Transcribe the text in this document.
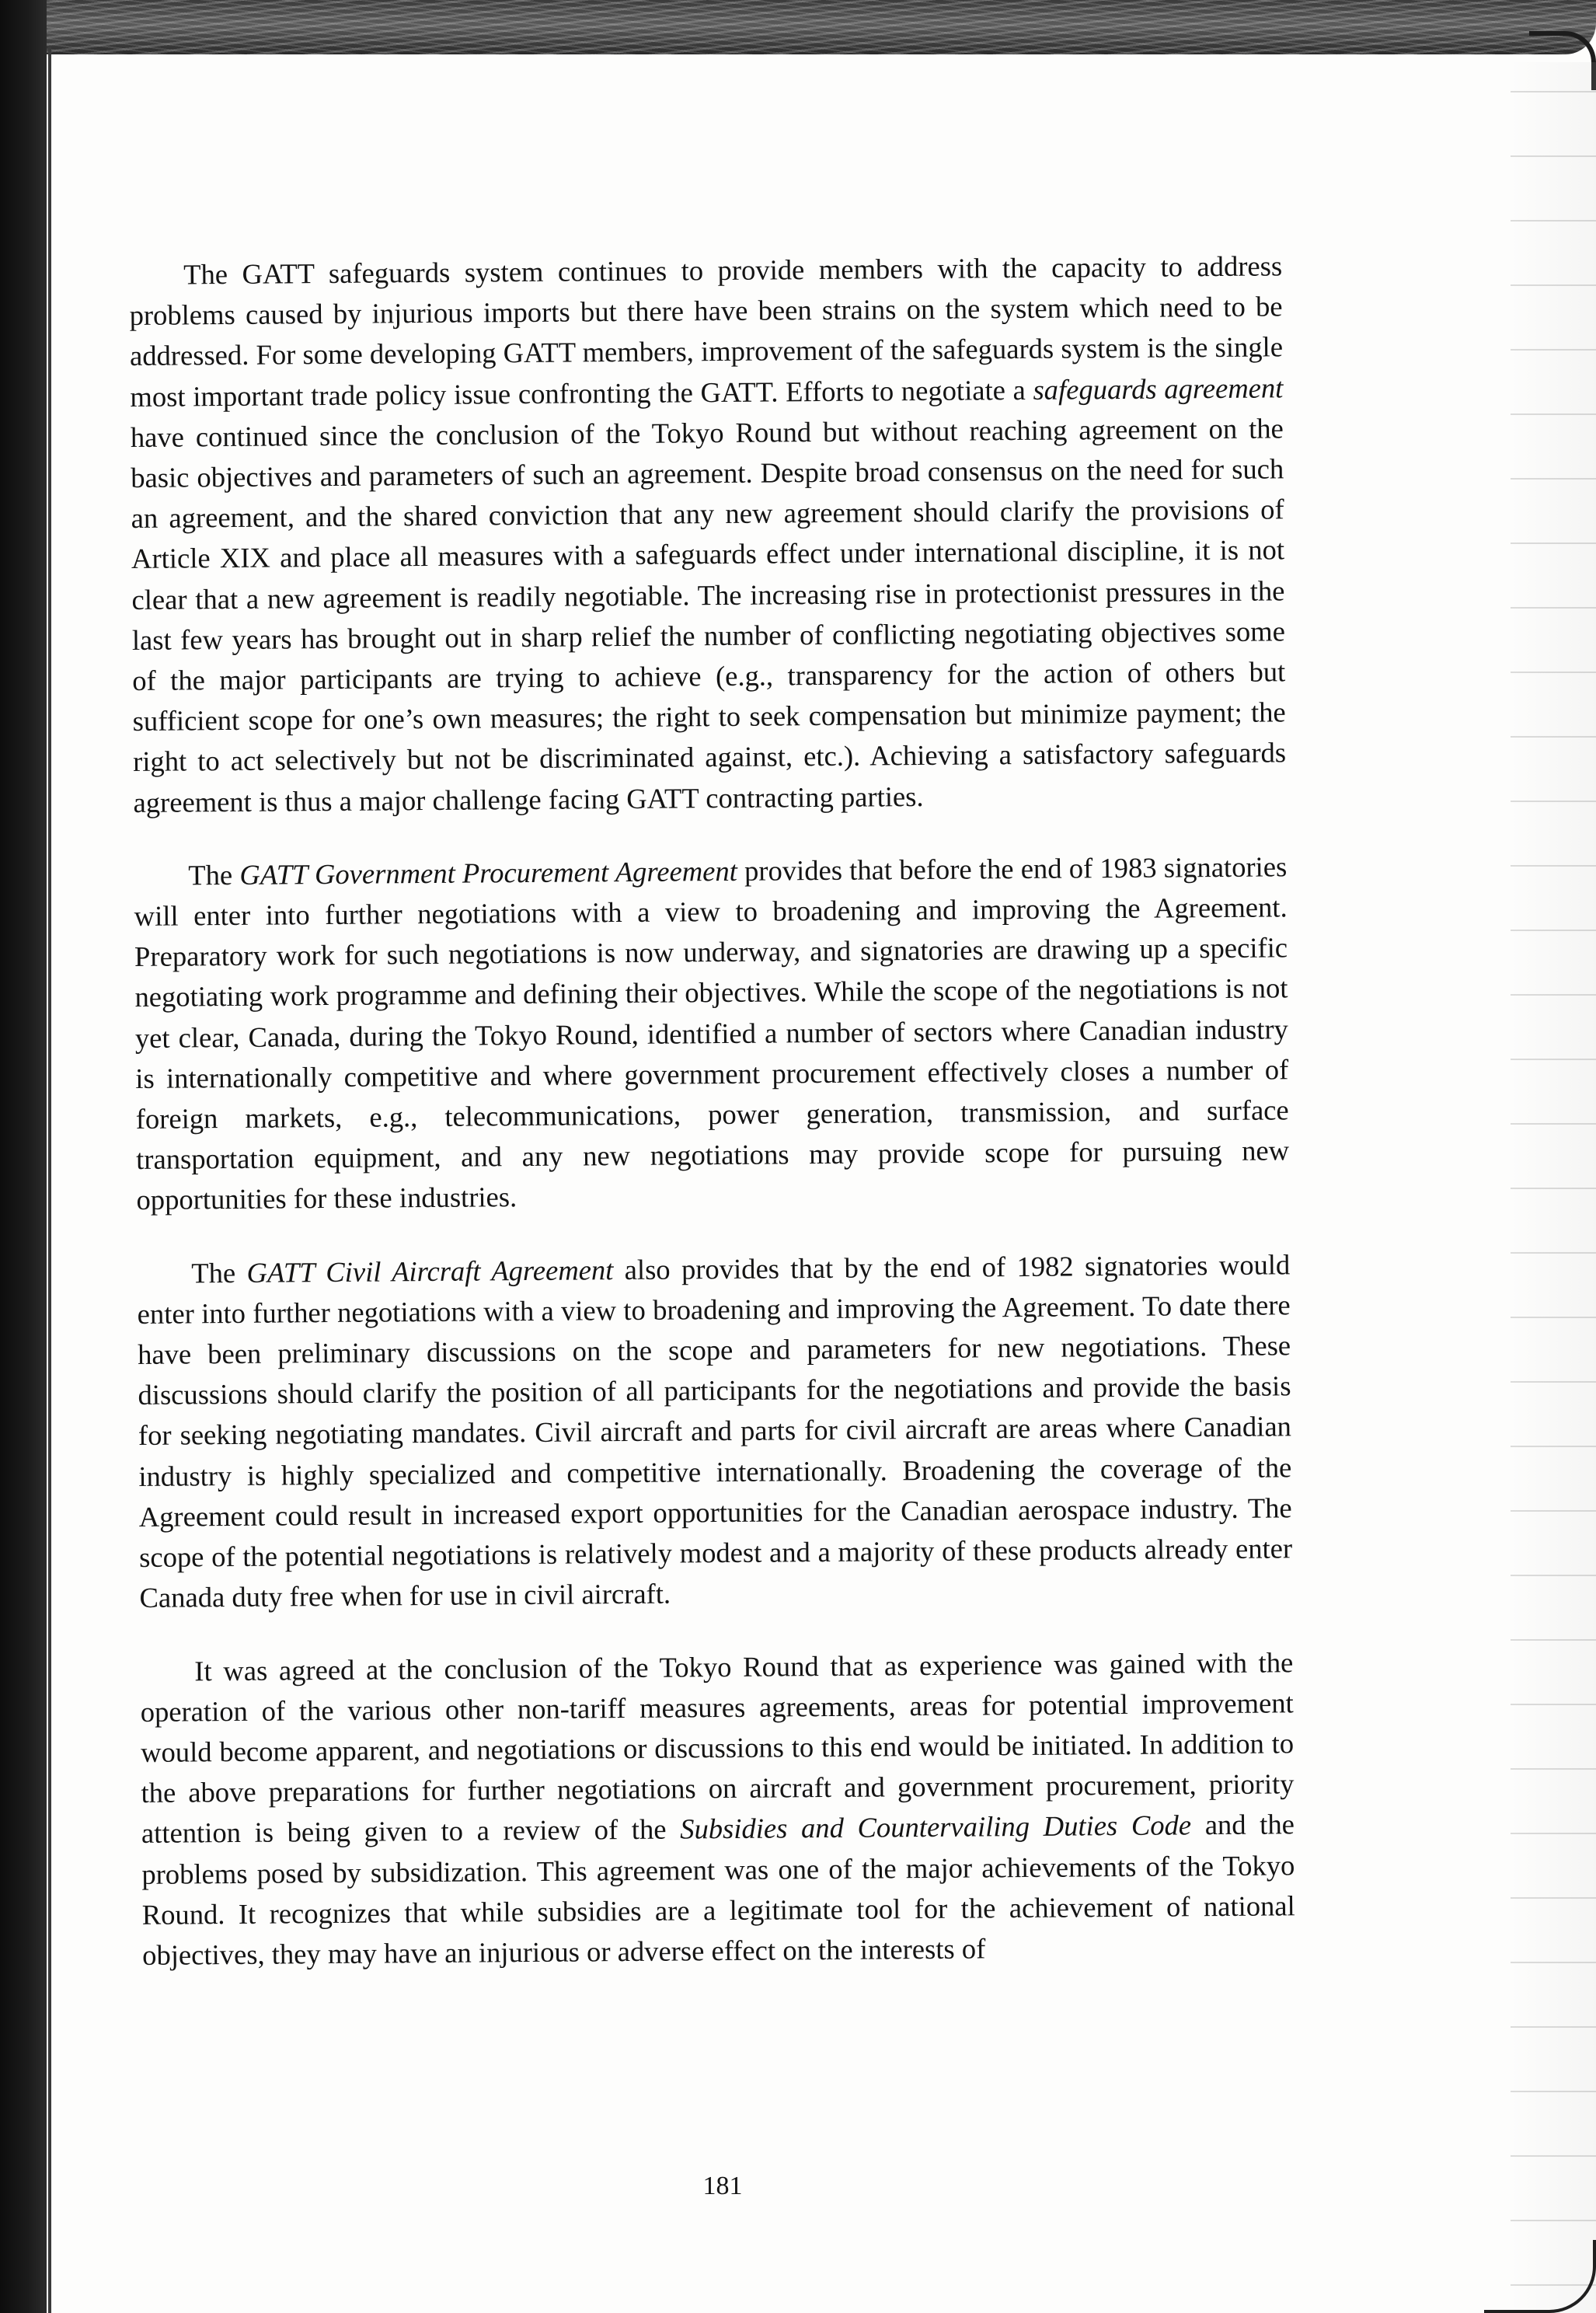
The GATT safeguards system continues to provide members with the capacity to address problems caused by injurious imports but there have been strains on the system which need to be addressed. For some developing GATT members, improvement of the safeguards system is the single most important trade policy issue confronting the GATT. Efforts to negotiate a safeguards agreement have continued since the conclusion of the Tokyo Round but without reaching agreement on the basic objectives and parameters of such an agreement. Despite broad consensus on the need for such an agreement, and the shared conviction that any new agreement should clarify the provisions of Article XIX and place all measures with a safeguards effect under international discipline, it is not clear that a new agreement is readily negotiable. The increasing rise in protectionist pressures in the last few years has brought out in sharp relief the number of conflicting negotiating objectives some of the major participants are trying to achieve (e.g., transparency for the action of others but sufficient scope for one’s own measures; the right to seek compensation but minimize payment; the right to act selectively but not be discriminated against, etc.). Achieving a satisfactory safeguards agreement is thus a major challenge facing GATT contracting parties.

The GATT Government Procurement Agreement provides that before the end of 1983 signatories will enter into further negotiations with a view to broadening and improving the Agreement. Preparatory work for such negotiations is now underway, and signatories are drawing up a specific negotiating work programme and defining their objectives. While the scope of the negotiations is not yet clear, Canada, during the Tokyo Round, identified a number of sectors where Canadian industry is internationally competitive and where government procurement effectively closes a number of foreign markets, e.g., telecommunications, power generation, transmission, and surface transportation equipment, and any new negotiations may provide scope for pursuing new opportunities for these industries.

The GATT Civil Aircraft Agreement also provides that by the end of 1982 signatories would enter into further negotiations with a view to broadening and improving the Agreement. To date there have been preliminary discussions on the scope and parameters for new negotiations. These discussions should clarify the position of all participants for the negotiations and provide the basis for seeking negotiating mandates. Civil aircraft and parts for civil aircraft are areas where Canadian industry is highly specialized and competitive internationally. Broadening the coverage of the Agreement could result in increased export opportunities for the Canadian aerospace industry. The scope of the potential negotiations is relatively modest and a majority of these products already enter Canada duty free when for use in civil aircraft.

It was agreed at the conclusion of the Tokyo Round that as experience was gained with the operation of the various other non-tariff measures agreements, areas for potential improvement would become apparent, and negotiations or discussions to this end would be initiated. In addition to the above preparations for further negotiations on aircraft and government procurement, priority attention is being given to a review of the Subsidies and Countervailing Duties Code and the problems posed by subsidization. This agreement was one of the major achievements of the Tokyo Round. It recognizes that while subsidies are a legitimate tool for the achievement of national objectives, they may have an injurious or adverse effect on the interests of

181
